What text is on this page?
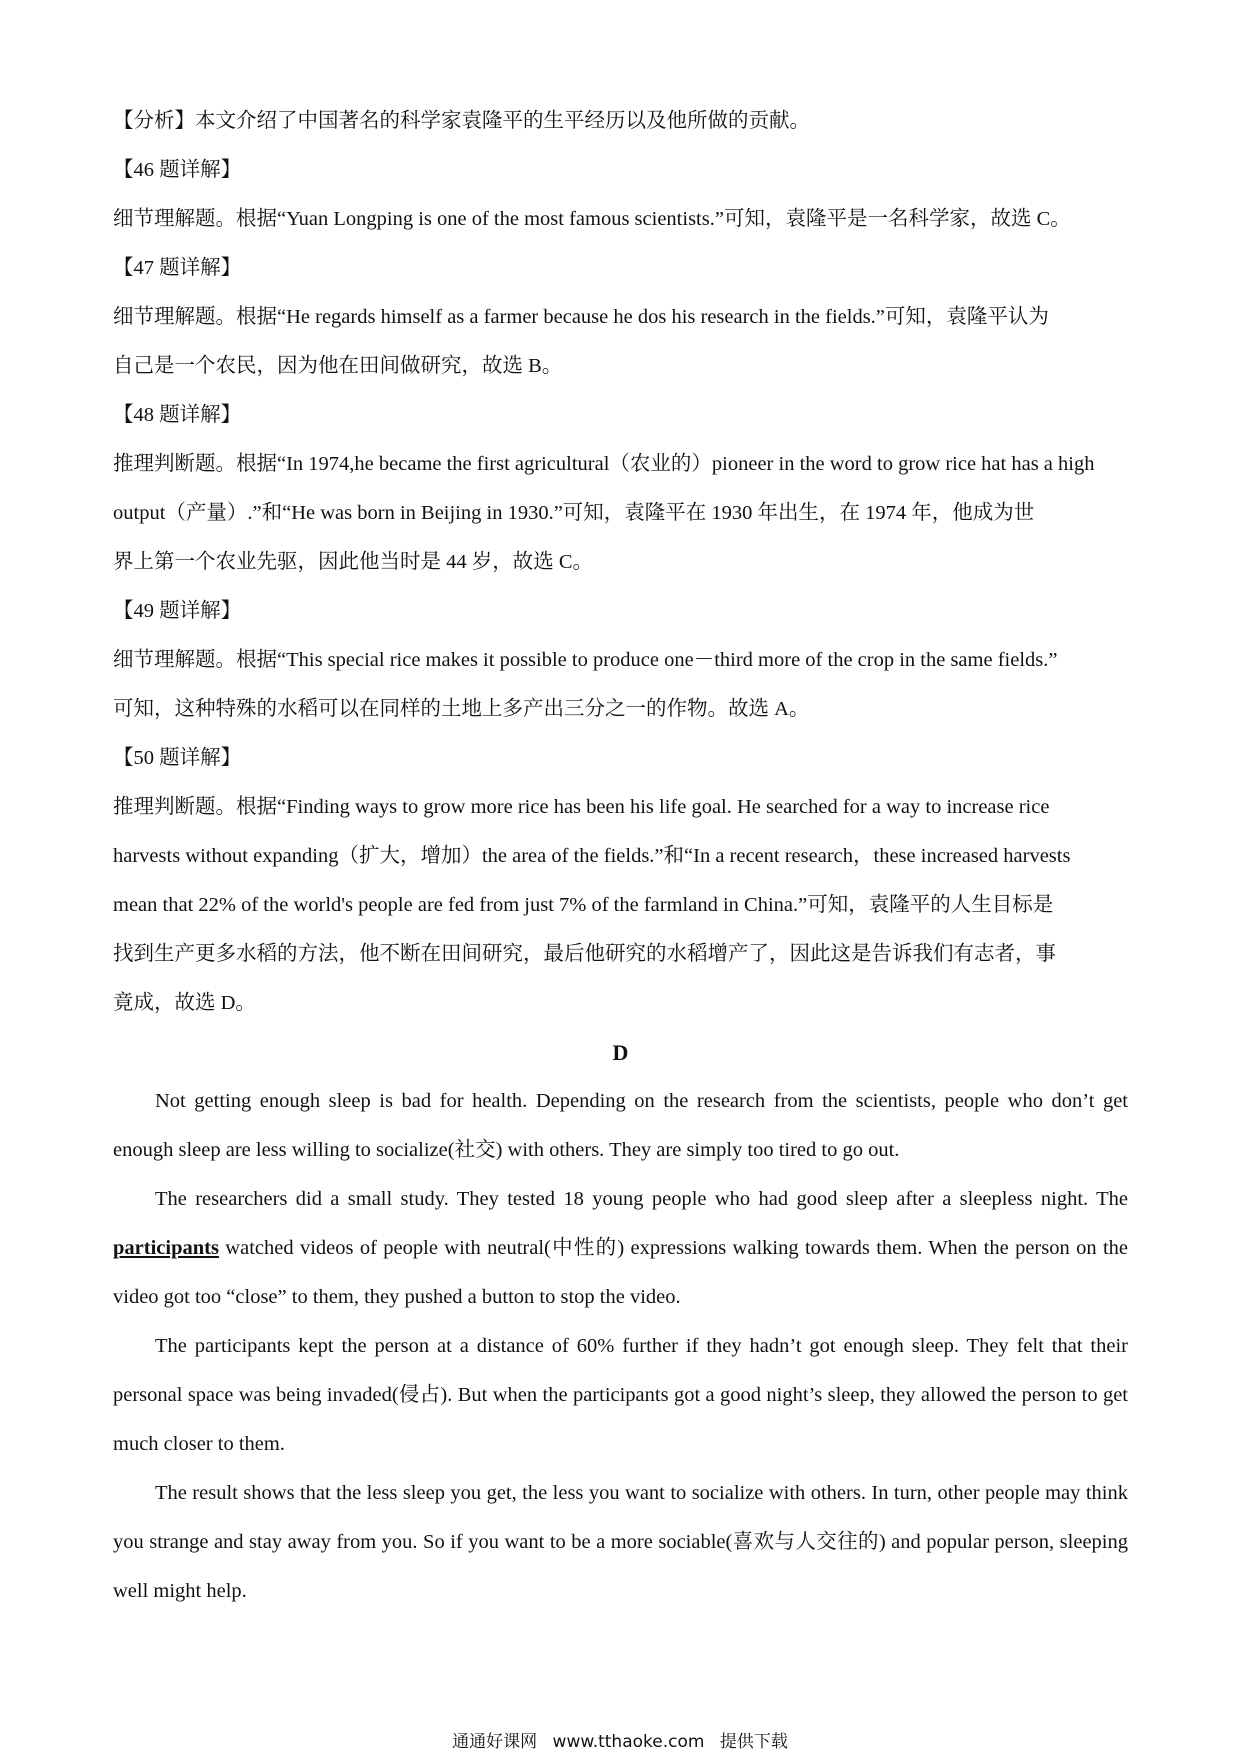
【分析】本文介绍了中国著名的科学家袁隆平的生平经历以及他所做的贡献。
【46 题详解】
细节理解题。根据“Yuan Longping is one of the most famous scientists.”可知，袁隆平是一名科学家，故选 C。
【47 题详解】
细节理解题。根据“He regards himself as a farmer because he dos his research in the fields.”可知，袁隆平认为
自己是一个农民，因为他在田间做研究，故选 B。
【48 题详解】
推理判断题。根据“In 1974,he became the first agricultural（农业的）pioneer in the word to grow rice hat has a high
output（产量）.”和“He was born in Beijing in 1930.”可知，袁隆平在 1930 年出生，在 1974 年，他成为世
界上第一个农业先驱，因此他当时是 44 岁，故选 C。
【49 题详解】
细节理解题。根据“This special rice makes it possible to produce one－third more of the crop in the same fields.”
可知，这种特殊的水稻可以在同样的土地上多产出三分之一的作物。故选 A。
【50 题详解】
推理判断题。根据“Finding ways to grow more rice has been his life goal. He searched for a way to increase rice
harvests without expanding（扩大，增加）the area of the fields.”和“In a recent research，these increased harvests
mean that 22% of the world's people are fed from just 7% of the farmland in China.”可知，袁隆平的人生目标是
找到生产更多水稻的方法，他不断在田间研究，最后他研究的水稻增产了，因此这是告诉我们有志者，事
竟成，故选 D。

D

Not getting enough sleep is bad for health. Depending on the research from the scientists, people who don’t get enough sleep are less willing to socialize(社交) with others. They are simply too tired to go out.

The researchers did a small study. They tested 18 young people who had good sleep after a sleepless night. The participants watched videos of people with neutral(中性的) expressions walking towards them. When the person on the video got too “close” to them, they pushed a button to stop the video.

The participants kept the person at a distance of 60% further if they hadn’t got enough sleep. They felt that their personal space was being invaded(侵占). But when the participants got a good night’s sleep, they allowed the person to get much closer to them.

The result shows that the less sleep you get, the less you want to socialize with others. In turn, other people may think you strange and stay away from you. So if you want to be a more sociable(喜欢与人交往的) and popular person, sleeping well might help.

通通好课网 www.tthaoke.com 提供下载
